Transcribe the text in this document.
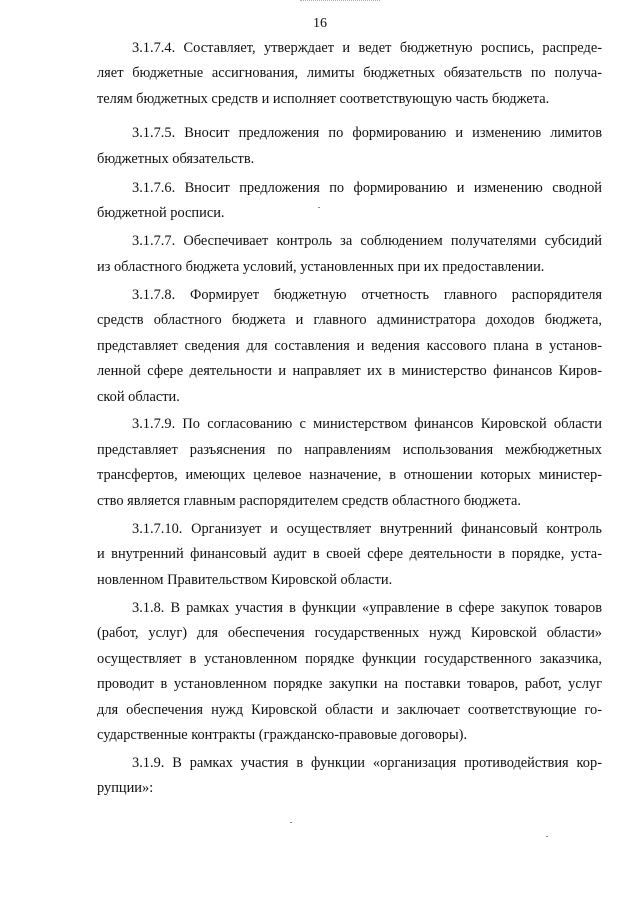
16
3.1.7.4. Составляет, утверждает и ведет бюджетную роспись, распреде-
ляет бюджетные ассигнования, лимиты бюджетных обязательств по получа-
телям бюджетных средств и исполняет соответствующую часть бюджета.
3.1.7.5. Вносит предложения по формированию и изменению лимитов
бюджетных обязательств.
3.1.7.6. Вносит предложения по формированию и изменению сводной
бюджетной росписи.
3.1.7.7. Обеспечивает контроль за соблюдением получателями субсидий
из областного бюджета условий, установленных при их предоставлении.
3.1.7.8. Формирует бюджетную отчетность главного распорядителя
средств областного бюджета и главного администратора доходов бюджета,
представляет сведения для составления и ведения кассового плана в установ-
ленной сфере деятельности и направляет их в министерство финансов Киров-
ской области.
3.1.7.9. По согласованию с министерством финансов Кировской области
представляет разъяснения по направлениям использования межбюджетных
трансфертов, имеющих целевое назначение, в отношении которых министер-
ство является главным распорядителем средств областного бюджета.
3.1.7.10. Организует и осуществляет внутренний финансовый контроль
и внутренний финансовый аудит в своей сфере деятельности в порядке, уста-
новленном Правительством Кировской области.
3.1.8. В рамках участия в функции «управление в сфере закупок товаров
(работ, услуг) для обеспечения государственных нужд Кировской области»
осуществляет в установленном порядке функции государственного заказчика,
проводит в установленном порядке закупки на поставки товаров, работ, услуг
для обеспечения нужд Кировской области и заключает соответствующие го-
сударственные контракты (гражданско-правовые договоры).
3.1.9. В рамках участия в функции «организация противодействия кор-
рупции»:
